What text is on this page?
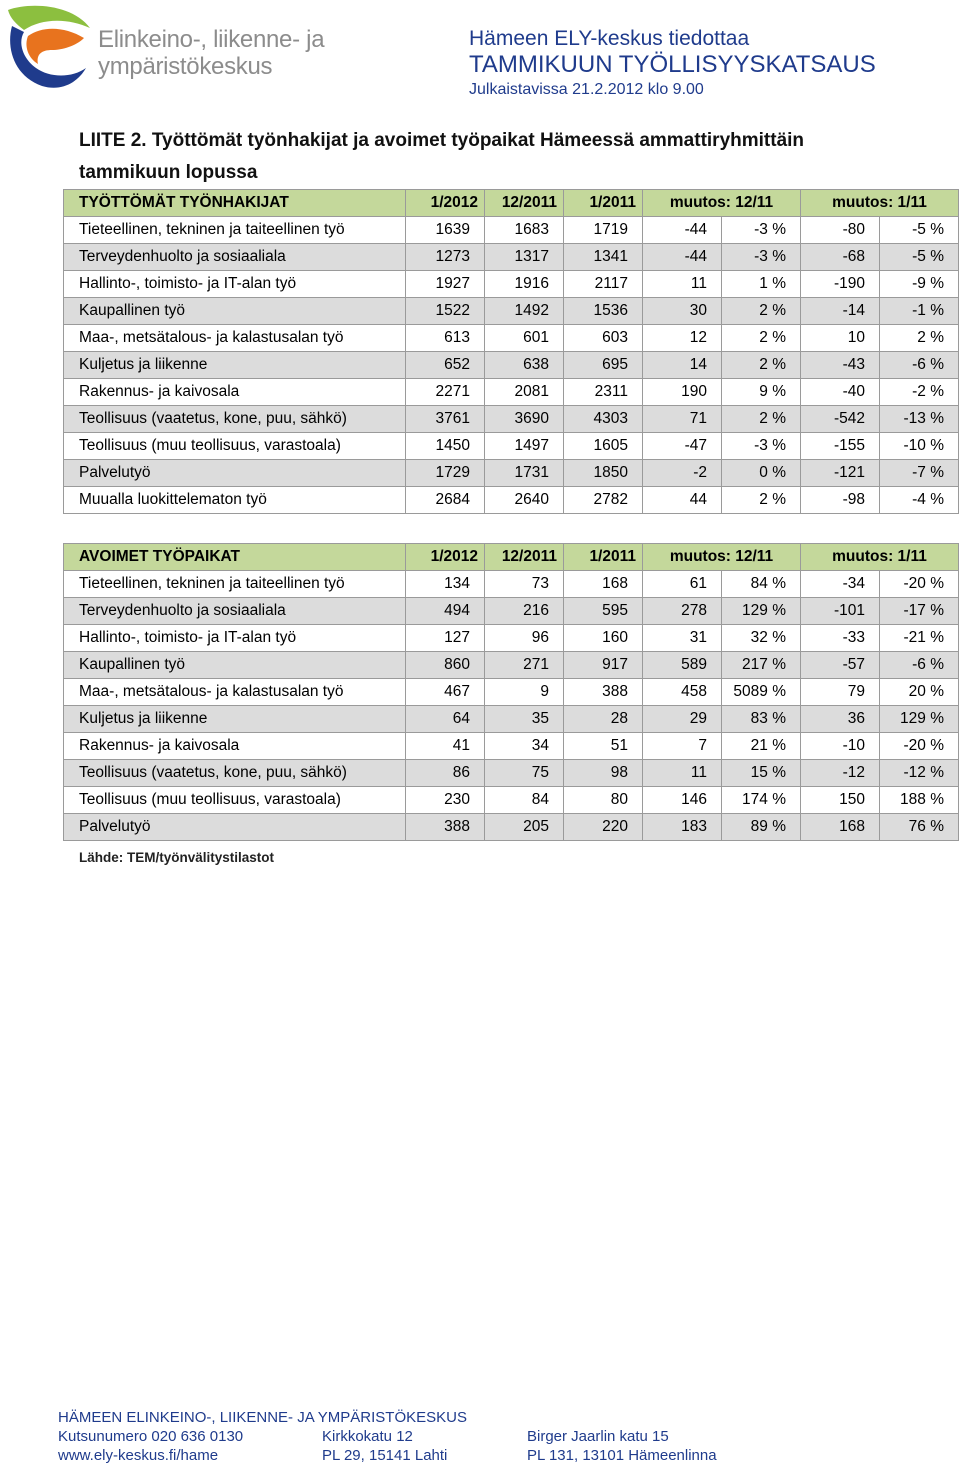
Elinkeino-, liikenne- ja
ympäristökeskus
Hämeen ELY-keskus tiedottaa
TAMMIKUUN TYÖLLISYYSKATSAUS
Julkaistavissa 21.2.2012 klo 9.00
LIITE 2. Työttömät työnhakijat ja avoimet työpaikat Hämeessä ammattiryhmittäin
tammikuun lopussa
TYÖTTÖMÄT TYÖNHAKIJAT	1/2012	12/2011	1/2011	muutos: 12/11		muutos: 1/11	
Tieteellinen, tekninen ja taiteellinen työ	1639	1683	1719	-44	-3 %	-80	-5 %
Terveydenhuolto ja sosiaaliala	1273	1317	1341	-44	-3 %	-68	-5 %
Hallinto-, toimisto- ja IT-alan työ	1927	1916	2117	11	1 %	-190	-9 %
Kaupallinen työ	1522	1492	1536	30	2 %	-14	-1 %
Maa-, metsätalous- ja kalastusalan työ	613	601	603	12	2 %	10	2 %
Kuljetus ja liikenne	652	638	695	14	2 %	-43	-6 %
Rakennus- ja kaivosala	2271	2081	2311	190	9 %	-40	-2 %
Teollisuus (vaatetus, kone, puu, sähkö)	3761	3690	4303	71	2 %	-542	-13 %
Teollisuus (muu teollisuus, varastoala)	1450	1497	1605	-47	-3 %	-155	-10 %
Palvelutyö	1729	1731	1850	-2	0 %	-121	-7 %
Muualla luokittelematon työ	2684	2640	2782	44	2 %	-98	-4 %
AVOIMET TYÖPAIKAT	1/2012	12/2011	1/2011	muutos: 12/11		muutos: 1/11	
Tieteellinen, tekninen ja taiteellinen työ	134	73	168	61	84 %	-34	-20 %
Terveydenhuolto ja sosiaaliala	494	216	595	278	129 %	-101	-17 %
Hallinto-, toimisto- ja IT-alan työ	127	96	160	31	32 %	-33	-21 %
Kaupallinen työ	860	271	917	589	217 %	-57	-6 %
Maa-, metsätalous- ja kalastusalan työ	467	9	388	458	5089 %	79	20 %
Kuljetus ja liikenne	64	35	28	29	83 %	36	129 %
Rakennus- ja kaivosala	41	34	51	7	21 %	-10	-20 %
Teollisuus (vaatetus, kone, puu, sähkö)	86	75	98	11	15 %	-12	-12 %
Teollisuus (muu teollisuus, varastoala)	230	84	80	146	174 %	150	188 %
Palvelutyö	388	205	220	183	89 %	168	76 %
Lähde: TEM/työnvälitystilastot
HÄMEEN ELINKEINO-, LIIKENNE- JA YMPÄRISTÖKESKUS
Kutsunumero 020 636 0130
www.ely-keskus.fi/hame
Kirkkokatu 12
PL 29, 15141 Lahti
Birger Jaarlin katu 15
PL 131, 13101 Hämeenlinna
